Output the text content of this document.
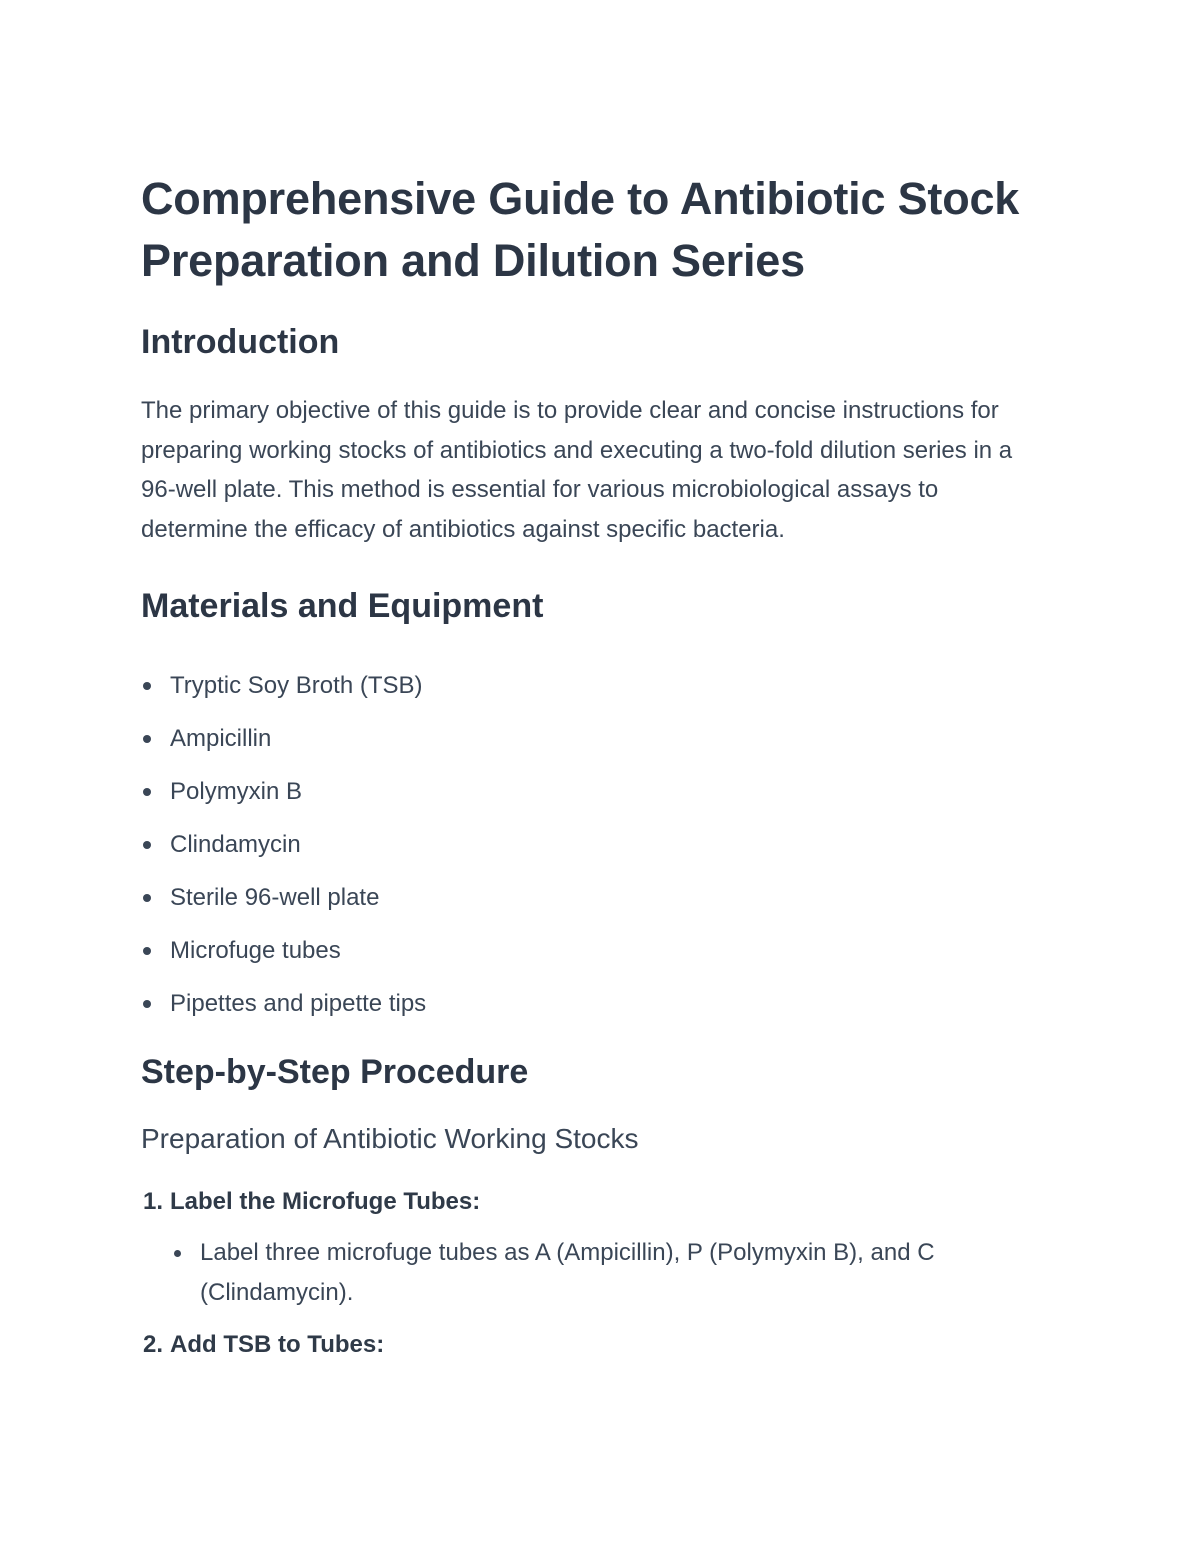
Comprehensive Guide to Antibiotic Stock Preparation and Dilution Series
Introduction

The primary objective of this guide is to provide clear and concise instructions for preparing working stocks of antibiotics and executing a two-fold dilution series in a 96-well plate. This method is essential for various microbiological assays to determine the efficacy of antibiotics against specific bacteria.

Materials and Equipment
Tryptic Soy Broth (TSB)
Ampicillin
Polymyxin B
Clindamycin
Sterile 96-well plate
Microfuge tubes
Pipettes and pipette tips
Step-by-Step Procedure
Preparation of Antibiotic Working Stocks
1. Label the Microfuge Tubes:
Label three microfuge tubes as A (Ampicillin), P (Polymyxin B), and C (Clindamycin).
2. Add TSB to Tubes:
